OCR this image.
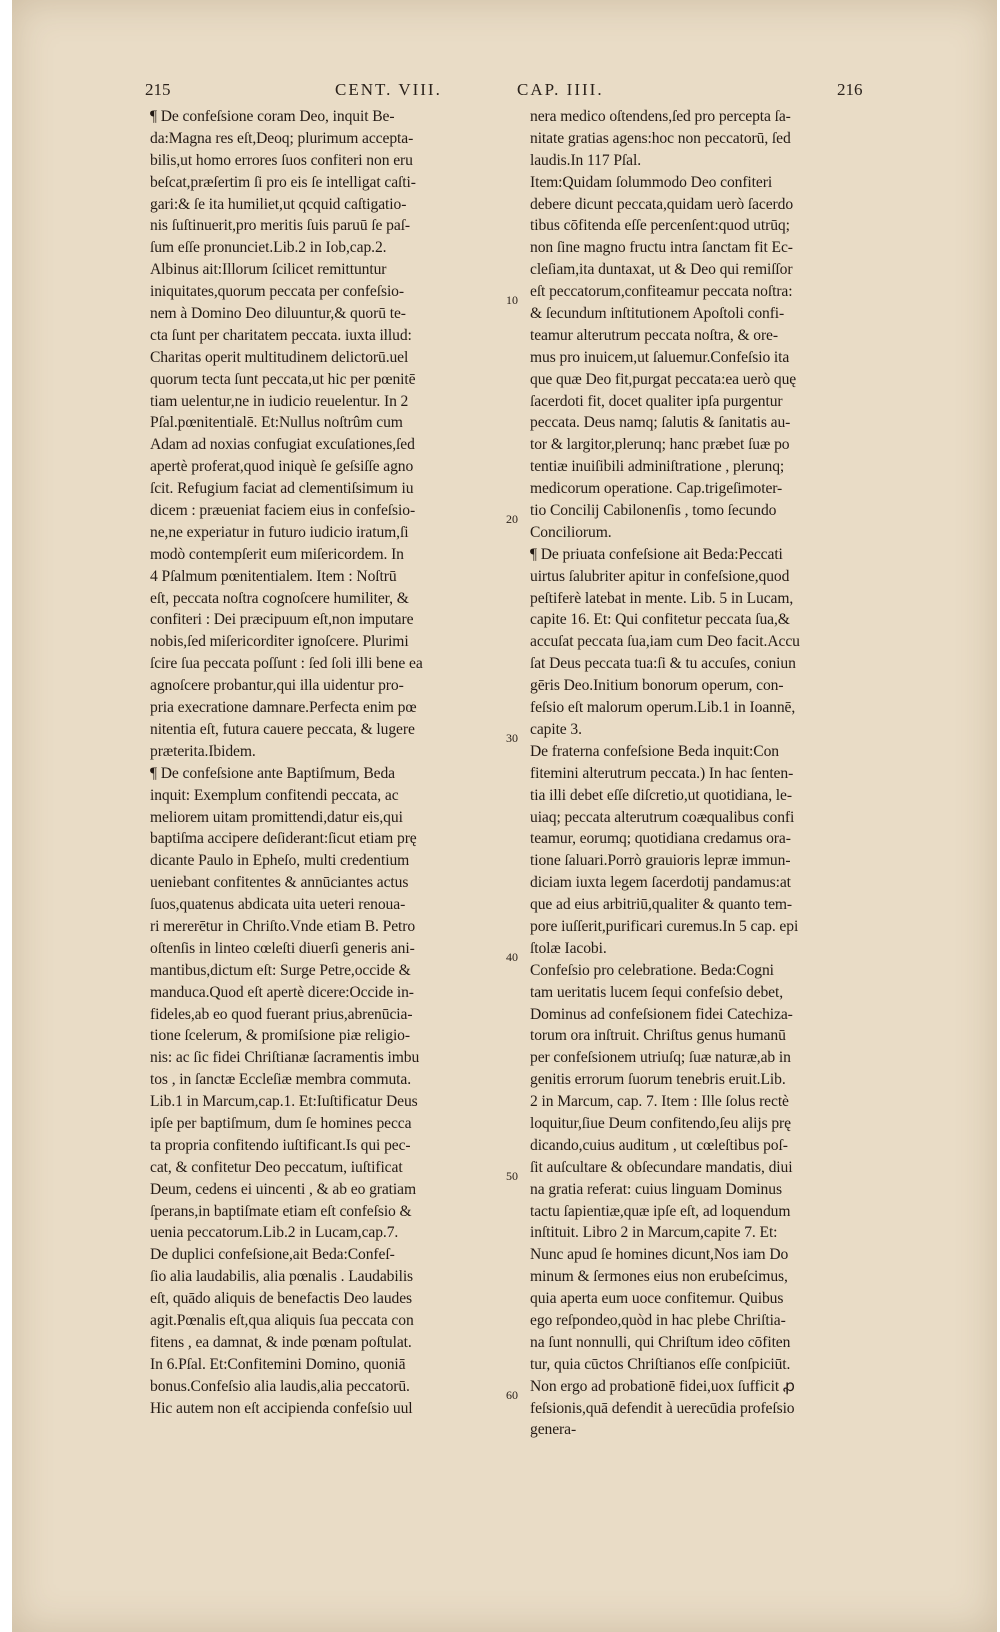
215	CENT. VIII.	CAP. IIII.	216
¶ De confeſsione coram Deo, inquit Be-
da:Magna res eſt,Deoq; plurimum accepta-
bilis,ut homo errores ſuos confiteri non eru
beſcat,præſertim ſi pro eis ſe intelligat caſti-
gari:& ſe ita humiliet,ut qcquid caſtigatio-
nis ſuſtinuerit,pro meritis ſuis paruū ſe paſ-
ſum eſſe pronunciet.Lib.2 in Iob,cap.2.
Albinus ait:Illorum ſcilicet remittuntur
iniquitates,quorum peccata per confeſsio-
nem à Domino Deo diluuntur,& quorū te-
cta ſunt per charitatem peccata. iuxta illud:
Charitas operit multitudinem delictorū.uel
quorum tecta ſunt peccata,ut hic per pœnitē
tiam uelentur,ne in iudicio reuelentur. In 2
Pſal.pœnitentialē. Et:Nullus noſtrûm cum
Adam ad noxias confugiat excuſationes,ſed
apertè proferat,quod iniquè ſe geſsiſſe agno
ſcit. Refugium faciat ad clementiſsimum iu
dicem : præueniat faciem eius in confeſsio-
ne,ne experiatur in futuro iudicio iratum,ſi
modò contempſerit eum miſericordem. In
4 Pſalmum pœnitentialem. Item : Noſtrū
eſt, peccata noſtra cognoſcere humiliter, &
confiteri : Dei præcipuum eſt,non imputare
nobis,ſed miſericorditer ignoſcere. Plurimi
ſcire ſua peccata poſſunt : ſed ſoli illi bene ea
agnoſcere probantur,qui illa uidentur pro-
pria execratione damnare.Perfecta enim pœ
nitentia eſt, futura cauere peccata, & lugere
præterita.Ibidem.
¶ De confeſsione ante Baptiſmum, Beda
inquit: Exemplum confitendi peccata, ac
meliorem uitam promittendi,datur eis,qui
baptiſma accipere deſiderant:ſicut etiam prę
dicante Paulo in Epheſo, multi credentium
ueniebant confitentes & annūciantes actus
ſuos,quatenus abdicata uita ueteri renoua-
ri mererētur in Chriſto.Vnde etiam B. Petro
oſtenſis in linteo cœleſti diuerſi generis ani-
mantibus,dictum eſt: Surge Petre,occide &
manduca.Quod eſt apertè dicere:Occide in-
fideles,ab eo quod fuerant prius,abrenūcia-
tione ſcelerum, & promiſsione piæ religio-
nis: ac ſic fidei Chriſtianæ ſacramentis imbu
tos , in ſanctæ Eccleſiæ membra commuta.
Lib.1 in Marcum,cap.1. Et:Iuſtificatur Deus
ipſe per baptiſmum, dum ſe homines pecca
ta propria confitendo iuſtificant.Is qui pec-
cat, & confitetur Deo peccatum, iuſtificat
Deum, cedens ei uincenti , & ab eo gratiam
ſperans,in baptiſmate etiam eſt confeſsio &
uenia peccatorum.Lib.2 in Lucam,cap.7.
De duplici confeſsione,ait Beda:Confeſ-
ſio alia laudabilis, alia pœnalis . Laudabilis
eſt, quādo aliquis de benefactis Deo laudes
agit.Pœnalis eſt,qua aliquis ſua peccata con
fitens , ea damnat, & inde pœnam poſtulat.
In 6.Pſal. Et:Confitemini Domino, quoniā
bonus.Confeſsio alia laudis,alia peccatorū.
Hic autem non eſt accipienda confeſsio uul
nera medico oſtendens,ſed pro percepta ſa-
nitate gratias agens:hoc non peccatorū, ſed
laudis.In 117 Pſal.
Item:Quidam ſolummodo Deo confiteri
debere dicunt peccata,quidam uerò ſacerdo
tibus cōfitenda eſſe percenſent:quod utrūq;
non ſine magno fructu intra ſanctam fit Ec-
cleſiam,ita duntaxat, ut & Deo qui remiſſor
eſt peccatorum,confiteamur peccata noſtra:
& ſecundum inſtitutionem Apoſtoli confi-
teamur alterutrum peccata noſtra, & ore-
mus pro inuicem,ut ſaluemur.Confeſsio ita
que quæ Deo fit,purgat peccata:ea uerò quę
ſacerdoti fit, docet qualiter ipſa purgentur
peccata. Deus namq; ſalutis & ſanitatis au-
tor & largitor,plerunq; hanc præbet ſuæ po
tentiæ inuiſibili adminiſtratione , plerunq;
medicorum operatione. Cap.trigeſimoter-
tio Concilij Cabilonenſis , tomo ſecundo
Conciliorum.
¶ De priuata confeſsione ait Beda:Peccati
uirtus ſalubriter apitur in confeſsione,quod
peſtiferè latebat in mente. Lib. 5 in Lucam,
capite 16. Et: Qui confitetur peccata ſua,&
accuſat peccata ſua,iam cum Deo facit.Accu
ſat Deus peccata tua:ſi & tu accuſes, coniun
gēris Deo.Initium bonorum operum, con-
feſsio eſt malorum operum.Lib.1 in Ioannē,
capite 3.
De fraterna confeſsione Beda inquit:Con
fitemini alterutrum peccata.) In hac ſenten-
tia illi debet eſſe diſcretio,ut quotidiana, le-
uiaq; peccata alterutrum coæqualibus confi
teamur, eorumq; quotidiana credamus ora-
tione ſaluari.Porrò grauioris lepræ immun-
diciam iuxta legem ſacerdotij pandamus:at
que ad eius arbitriū,qualiter & quanto tem-
pore iuſſerit,purificari curemus.In 5 cap. epi
ſtolæ Iacobi.
Confeſsio pro celebratione. Beda:Cogni
tam ueritatis lucem ſequi confeſsio debet,
Dominus ad confeſsionem fidei Catechiza-
torum ora inſtruit. Chriſtus genus humanū
per confeſsionem utriuſq; ſuæ naturæ,ab in
genitis errorum ſuorum tenebris eruit.Lib.
2 in Marcum, cap. 7. Item : Ille ſolus rectè
loquitur,ſiue Deum confitendo,ſeu alijs prę
dicando,cuius auditum , ut cœleſtibus poſ-
ſit auſcultare & obſecundare mandatis, diui
na gratia referat: cuius linguam Dominus
tactu ſapientiæ,quæ ipſe eſt, ad loquendum
inſtituit. Libro 2 in Marcum,capite 7. Et:
Nunc apud ſe homines dicunt,Nos iam Do
minum & ſermones eius non erubeſcimus,
quia aperta eum uoce confitemur. Quibus
ego reſpondeo,quòd in hac plebe Chriſtia-
na ſunt nonnulli, qui Chriſtum ideo cōfiten
tur, quia cūctos Chriſtianos eſſe conſpiciūt.
Non ergo ad probationē fidei,uox ſufficit ꝓ
feſsionis,quā defendit à uerecūdia profeſsio
genera-
10
20
30
40
50
60
